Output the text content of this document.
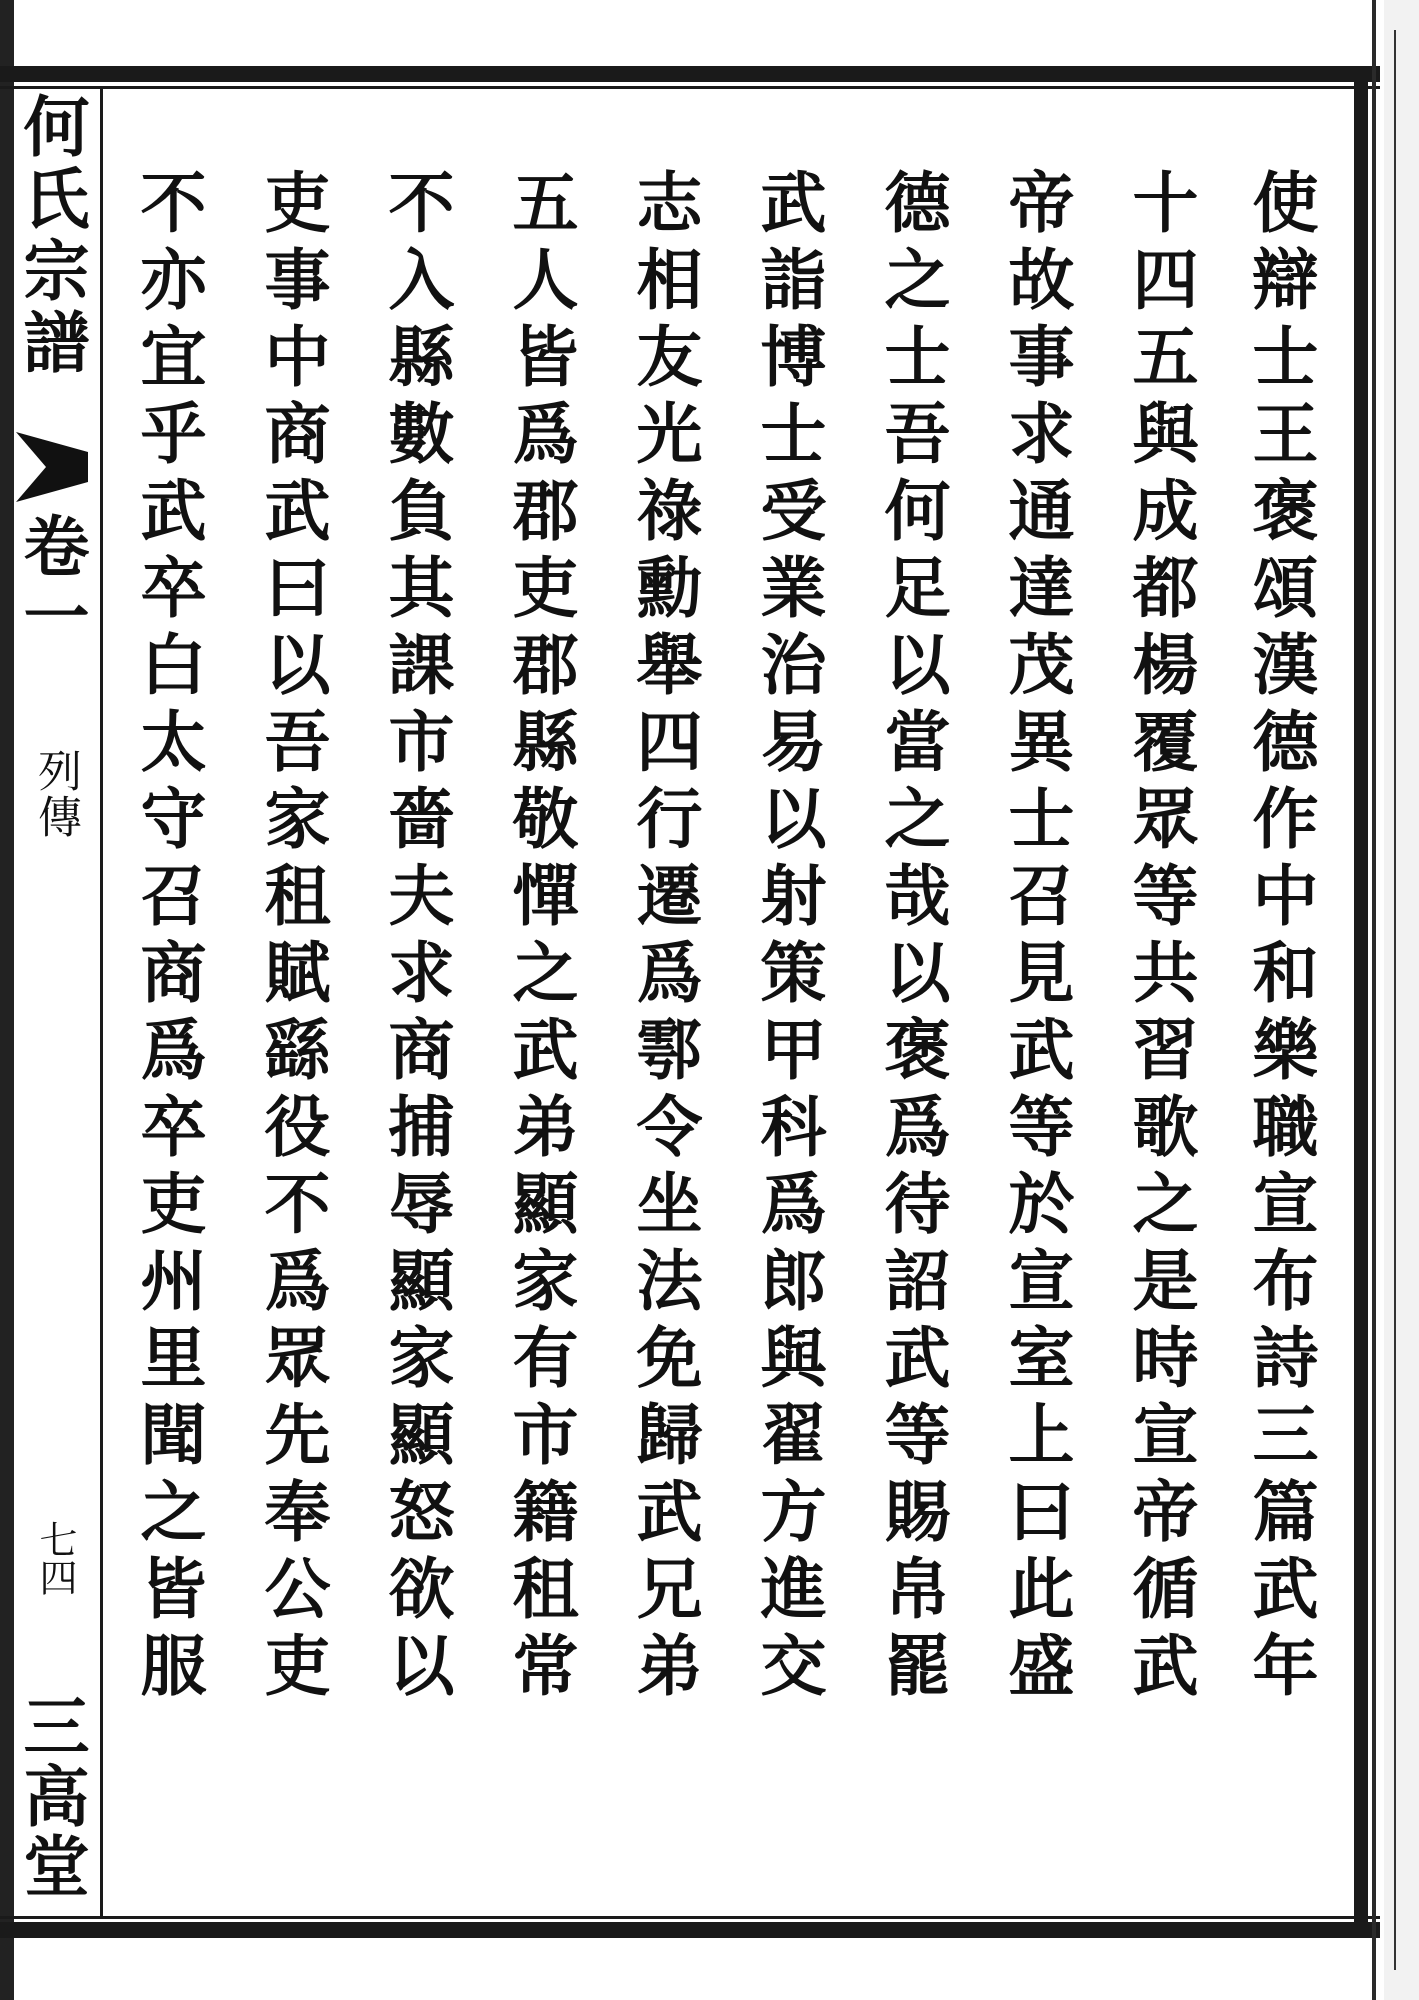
何氏宗譜
卷一
列傳
七四
三高堂
使辯士王褒頌漢德作中和樂職宣布詩三篇武年
十四五與成都楊覆眾等共習歌之是時宣帝循武
帝故事求通達茂異士召見武等於宣室上曰此盛
德之士吾何足以當之哉以褒爲待詔武等賜帛罷
武詣博士受業治易以射策甲科爲郎與翟方進交
志相友光祿勳舉四行遷爲鄠令坐法免歸武兄弟
五人皆爲郡吏郡縣敬憚之武弟顯家有市籍租常
不入縣數負其課市嗇夫求商捕辱顯家顯怒欲以
吏事中商武曰以吾家租賦繇役不爲眾先奉公吏
不亦宜乎武卒白太守召商爲卒吏州里聞之皆服
